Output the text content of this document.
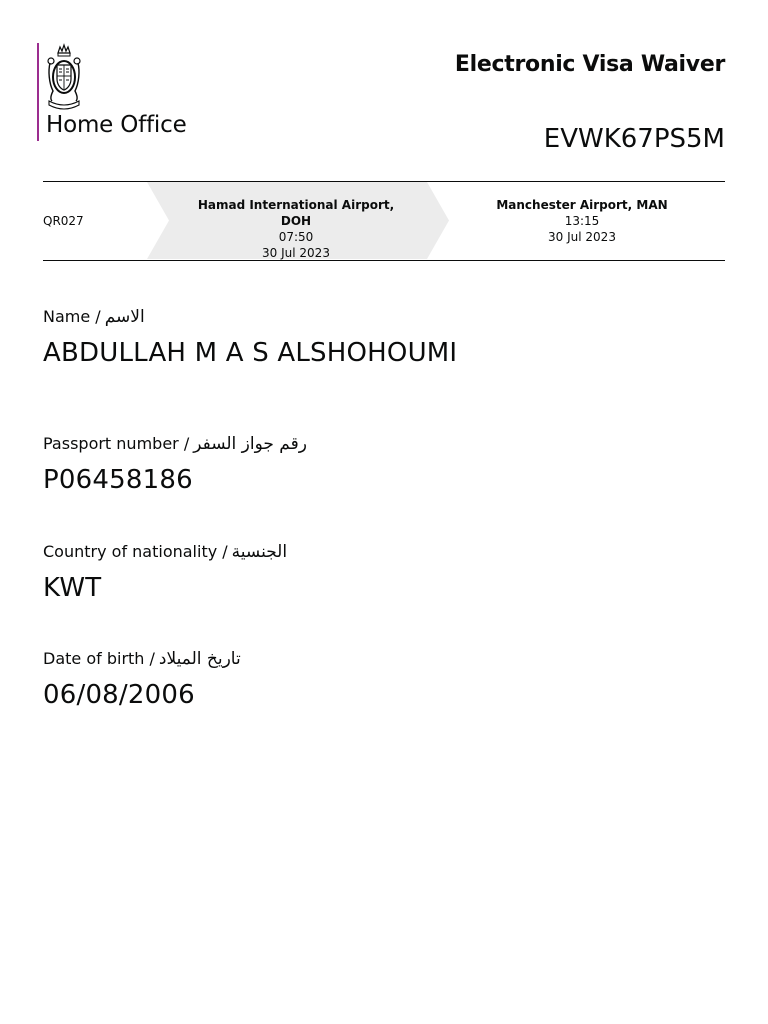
Home Office
Electronic Visa Waiver
EVWK67PS5M
QR027
Hamad International Airport, DOH
07:50
30 Jul 2023
Manchester Airport, MAN
13:15
30 Jul 2023
Name / الاسم
ABDULLAH M A S ALSHOHOUMI
Passport number / رقم جواز السفر
P06458186
Country of nationality / الجنسية
KWT
Date of birth / تاريخ الميلاد
06/08/2006
